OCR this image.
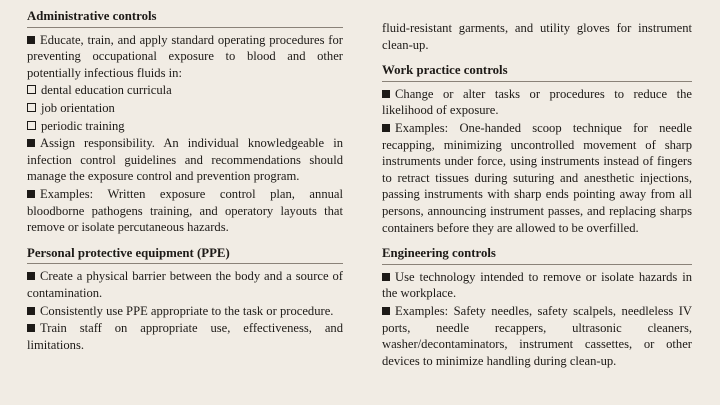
Administrative controls

Educate, train, and apply standard operating procedures for preventing occupational exposure to blood and other potentially infectious fluids in:

dental education curricula

job orientation

periodic training

Assign responsibility. An individual knowledgeable in infection control guidelines and recommendations should manage the exposure control and prevention program.

Examples: Written exposure control plan, annual bloodborne pathogens training, and operatory layouts that remove or isolate percutaneous hazards.

Personal protective equipment (PPE)

Create a physical barrier between the body and a source of contamination.

Consistently use PPE appropriate to the task or procedure.

Train staff on appropriate use, effectiveness, and limitations.

fluid-resistant garments, and utility gloves for instrument clean-up.

Work practice controls

Change or alter tasks or procedures to reduce the likelihood of exposure.

Examples: One-handed scoop technique for needle recapping, minimizing uncontrolled movement of sharp instruments under force, using instruments instead of fingers to retract tissues during suturing and anesthetic injections, passing instruments with sharp ends pointing away from all persons, announcing instrument passes, and replacing sharps containers before they are allowed to be overfilled.

Engineering controls

Use technology intended to remove or isolate hazards in the workplace.

Examples: Safety needles, safety scalpels, needleless IV ports, needle recappers, ultrasonic cleaners, washer/decontaminators, instrument cassettes, or other devices to minimize handling during clean-up.
